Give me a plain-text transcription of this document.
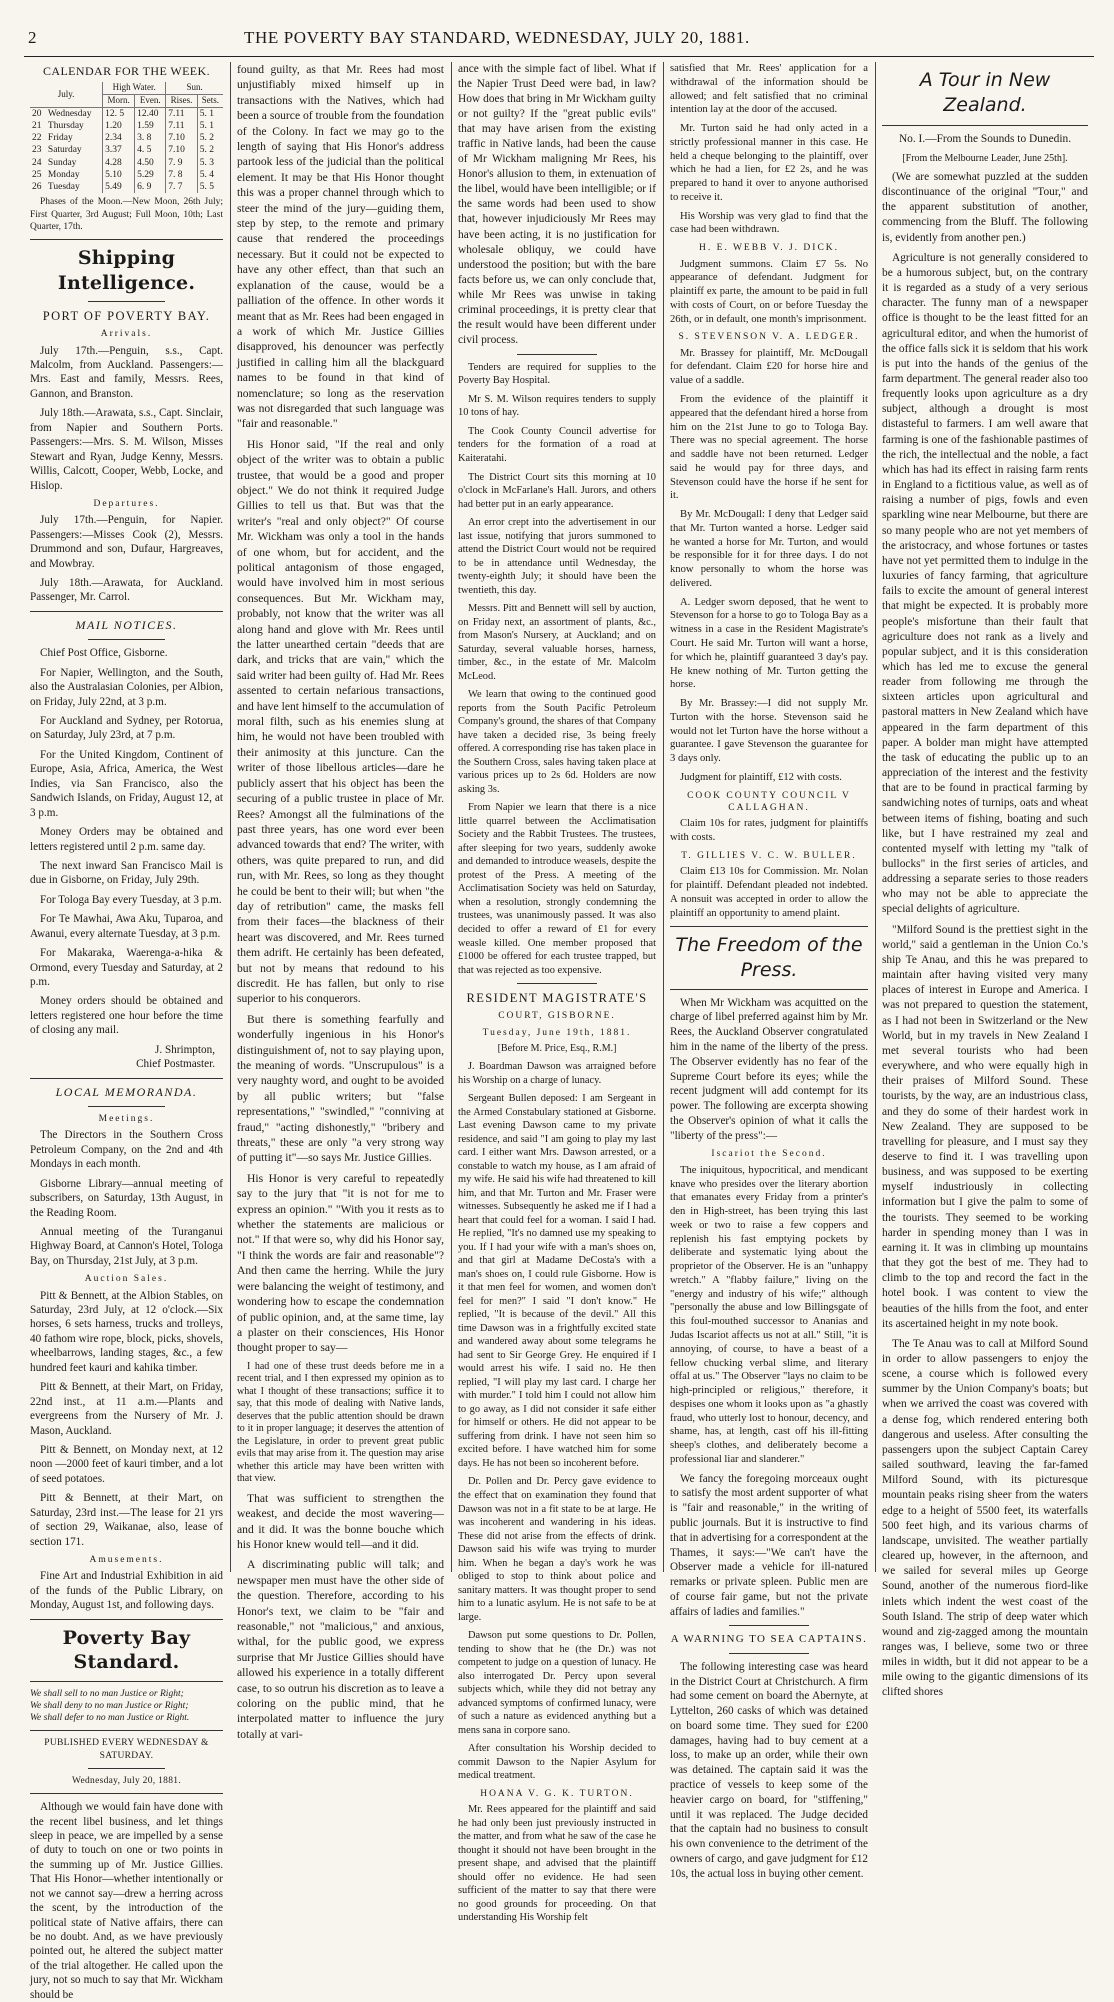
2	THE POVERTY BAY STANDARD, WEDNESDAY, JULY 20, 1881.
CALENDAR FOR THE WEEK.
July.		High Water.		Sun.	
		Morn.	Even.	Rises.	Sets.
20	Wednesday	12. 5	12.40	7.11	5. 1
21	Thursday	1.20	1.59	7.11	5. 1
22	Friday	2.34	3. 8	7.10	5. 2
23	Saturday	3.37	4. 5	7.10	5. 2
24	Sunday	4.28	4.50	7. 9	5. 3
25	Monday	5.10	5.29	7. 8	5. 4
26	Tuesday	5.49	6. 9	7. 7	5. 5

Phases of the Moon.—New Moon, 26th July; First Quarter, 3rd August; Full Moon, 10th; Last Quarter, 17th.

Shipping Intelligence.
PORT OF POVERTY BAY.
Arrivals.

July 17th.—Penguin, s.s., Capt. Malcolm, from Auckland. Passengers:—Mrs. East and family, Messrs. Rees, Gannon, and Branston.

July 18th.—Arawata, s.s., Capt. Sinclair, from Napier and Southern Ports. Passengers:—Mrs. S. M. Wilson, Misses Stewart and Ryan, Judge Kenny, Messrs. Willis, Calcott, Cooper, Webb, Locke, and Hislop.

Departures.

July 17th.—Penguin, for Napier. Passengers:—Misses Cook (2), Messrs. Drummond and son, Dufaur, Hargreaves, and Mowbray.

July 18th.—Arawata, for Auckland. Passenger, Mr. Carrol.

MAIL NOTICES.

Chief Post Office, Gisborne.

For Napier, Wellington, and the South, also the Australasian Colonies, per Albion, on Friday, July 22nd, at 3 p.m.

For Auckland and Sydney, per Rotorua, on Saturday, July 23rd, at 7 p.m.

For the United Kingdom, Continent of Europe, Asia, Africa, America, the West Indies, via San Francisco, also the Sandwich Islands, on Friday, August 12, at 3 p.m.

Money Orders may be obtained and letters registered until 2 p.m. same day.

The next inward San Francisco Mail is due in Gisborne, on Friday, July 29th.

For Tologa Bay every Tuesday, at 3 p.m.

For Te Mawhai, Awa Aku, Tuparoa, and Awanui, every alternate Tuesday, at 3 p.m.

For Makaraka, Waerenga-a-hika & Ormond, every Tuesday and Saturday, at 2 p.m.

Money orders should be obtained and letters registered one hour before the time of closing any mail.

J. Shrimpton,

Chief Postmaster.

LOCAL MEMORANDA.
Meetings.

The Directors in the Southern Cross Petroleum Company, on the 2nd and 4th Mondays in each month.

Gisborne Library—annual meeting of subscribers, on Saturday, 13th August, in the Reading Room.

Annual meeting of the Turanganui Highway Board, at Cannon's Hotel, Tologa Bay, on Thursday, 21st July, at 3 p.m.

Auction Sales.

Pitt & Bennett, at the Albion Stables, on Saturday, 23rd July, at 12 o'clock.—Six horses, 6 sets harness, trucks and trolleys, 40 fathom wire rope, block, picks, shovels, wheelbarrows, landing stages, &c., a few hundred feet kauri and kahika timber.

Pitt & Bennett, at their Mart, on Friday, 22nd inst., at 11 a.m.—Plants and evergreens from the Nursery of Mr. J. Mason, Auckland.

Pitt & Bennett, on Monday next, at 12 noon —2000 feet of kauri timber, and a lot of seed potatoes.

Pitt & Bennett, at their Mart, on Saturday, 23rd inst.—The lease for 21 yrs of section 29, Waikanae, also, lease of section 171.

Amusements.

Fine Art and Industrial Exhibition in aid of the funds of the Public Library, on Monday, August 1st, and following days.

Poverty Bay Standard.

We shall sell to no man Justice or Right;

We shall deny to no man Justice or Right;

We shall defer to no man Justice or Right.

PUBLISHED EVERY WEDNESDAY & SATURDAY.
Wednesday, July 20, 1881.

Although we would fain have done with the recent libel business, and let things sleep in peace, we are impelled by a sense of duty to touch on one or two points in the summing up of Mr. Justice Gillies. That His Honor—whether intentionally or not we cannot say—drew a herring across the scent, by the introduction of the political state of Native affairs, there can be no doubt. And, as we have previously pointed out, he altered the subject matter of the trial altogether. He called upon the jury, not so much to say that Mr. Wickham should be

found guilty, as that Mr. Rees had most unjustifiably mixed himself up in transactions with the Natives, which had been a source of trouble from the foundation of the Colony. In fact we may go to the length of saying that His Honor's address partook less of the judicial than the political element. It may be that His Honor thought this was a proper channel through which to steer the mind of the jury—guiding them, step by step, to the remote and primary cause that rendered the proceedings necessary. But it could not be expected to have any other effect, than that such an explanation of the cause, would be a palliation of the offence. In other words it meant that as Mr. Rees had been engaged in a work of which Mr. Justice Gillies disapproved, his denouncer was perfectly justified in calling him all the blackguard names to be found in that kind of nomenclature; so long as the reservation was not disregarded that such language was "fair and reasonable."

His Honor said, "If the real and only object of the writer was to obtain a public trustee, that would be a good and proper object." We do not think it required Judge Gillies to tell us that. But was that the writer's "real and only object?" Of course Mr. Wickham was only a tool in the hands of one whom, but for accident, and the political antagonism of those engaged, would have involved him in most serious consequences. But Mr. Wickham may, probably, not know that the writer was all along hand and glove with Mr. Rees until the latter unearthed certain "deeds that are dark, and tricks that are vain," which the said writer had been guilty of. Had Mr. Rees assented to certain nefarious transactions, and have lent himself to the accumulation of moral filth, such as his enemies slung at him, he would not have been troubled with their animosity at this juncture. Can the writer of those libellous articles—dare he publicly assert that his object has been the securing of a public trustee in place of Mr. Rees? Amongst all the fulminations of the past three years, has one word ever been advanced towards that end? The writer, with others, was quite prepared to run, and did run, with Mr. Rees, so long as they thought he could be bent to their will; but when "the day of retribution" came, the masks fell from their faces—the blackness of their heart was discovered, and Mr. Rees turned them adrift. He certainly has been defeated, but not by means that redound to his discredit. He has fallen, but only to rise superior to his conquerors.

But there is something fearfully and wonderfully ingenious in his Honor's distinguishment of, not to say playing upon, the meaning of words. "Unscrupulous" is a very naughty word, and ought to be avoided by all public writers; but "false representations," "swindled," "conniving at fraud," "acting dishonestly," "bribery and threats," these are only "a very strong way of putting it"—so says Mr. Justice Gillies.

His Honor is very careful to repeatedly say to the jury that "it is not for me to express an opinion." "With you it rests as to whether the statements are malicious or not." If that were so, why did his Honor say, "I think the words are fair and reasonable"? And then came the herring. While the jury were balancing the weight of testimony, and wondering how to escape the condemnation of public opinion, and, at the same time, lay a plaster on their consciences, His Honor thought proper to say—

I had one of these trust deeds before me in a recent trial, and I then expressed my opinion as to what I thought of these transactions; suffice it to say, that this mode of dealing with Native lands, deserves that the public attention should be drawn to it in proper language; it deserves the attention of the Legislature, in order to prevent great public evils that may arise from it. The question may arise whether this article may have been written with that view.

That was sufficient to strengthen the weakest, and decide the most wavering—and it did. It was the bonne bouche which his Honor knew would tell—and it did.

A discriminating public will talk; and newspaper men must have the other side of the question. Therefore, according to his Honor's text, we claim to be "fair and reasonable," not "malicious," and anxious, withal, for the public good, we express surprise that Mr Justice Gillies should have allowed his experience in a totally different case, to so outrun his discretion as to leave a coloring on the public mind, that he interpolated matter to influence the jury totally at vari-

ance with the simple fact of libel. What if the Napier Trust Deed were bad, in law? How does that bring in Mr Wickham guilty or not guilty? If the "great public evils" that may have arisen from the existing traffic in Native lands, had been the cause of Mr Wickham maligning Mr Rees, his Honor's allusion to them, in extenuation of the libel, would have been intelligible; or if the same words had been used to show that, however injudiciously Mr Rees may have been acting, it is no justification for wholesale obliquy, we could have understood the position; but with the bare facts before us, we can only conclude that, while Mr Rees was unwise in taking criminal proceedings, it is pretty clear that the result would have been different under civil process.

Tenders are required for supplies to the Poverty Bay Hospital.

Mr S. M. Wilson requires tenders to supply 10 tons of hay.

The Cook County Council advertise for tenders for the formation of a road at Kaiteratahi.

The District Court sits this morning at 10 o'clock in McFarlane's Hall. Jurors, and others had better put in an early appearance.

An error crept into the advertisement in our last issue, notifying that jurors summoned to attend the District Court would not be required to be in attendance until Wednesday, the twenty-eighth July; it should have been the twentieth, this day.

Messrs. Pitt and Bennett will sell by auction, on Friday next, an assortment of plants, &c., from Mason's Nursery, at Auckland; and on Saturday, several valuable horses, harness, timber, &c., in the estate of Mr. Malcolm McLeod.

We learn that owing to the continued good reports from the South Pacific Petroleum Company's ground, the shares of that Company have taken a decided rise, 3s being freely offered. A corresponding rise has taken place in the Southern Cross, sales having taken place at various prices up to 2s 6d. Holders are now asking 3s.

From Napier we learn that there is a nice little quarrel between the Acclimatisation Society and the Rabbit Trustees. The trustees, after sleeping for two years, suddenly awoke and demanded to introduce weasels, despite the protest of the Press. A meeting of the Acclimatisation Society was held on Saturday, when a resolution, strongly condemning the trustees, was unanimously passed. It was also decided to offer a reward of £1 for every weasle killed. One member proposed that £1000 be offered for each trustee trapped, but that was rejected as too expensive.

RESIDENT MAGISTRATE'S
COURT, GISBORNE.
Tuesday, June 19th, 1881.

[Before M. Price, Esq., R.M.]

J. Boardman Dawson was arraigned before his Worship on a charge of lunacy.

Sergeant Bullen deposed: I am Sergeant in the Armed Constabulary stationed at Gisborne. Last evening Dawson came to my private residence, and said "I am going to play my last card. I either want Mrs. Dawson arrested, or a constable to watch my house, as I am afraid of my wife. He said his wife had threatened to kill him, and that Mr. Turton and Mr. Fraser were witnesses. Subsequently he asked me if I had a heart that could feel for a woman. I said I had. He replied, "It's no damned use my speaking to you. If I had your wife with a man's shoes on, and that girl at Madame DeCosta's with a man's shoes on, I could rule Gisborne. How is it that men feel for women, and women don't feel for men?" I said "I don't know." He replied, "It is because of the devil." All this time Dawson was in a frightfully excited state and wandered away about some telegrams he had sent to Sir George Grey. He enquired if I would arrest his wife. I said no. He then replied, "I will play my last card. I charge her with murder." I told him I could not allow him to go away, as I did not consider it safe either for himself or others. He did not appear to be suffering from drink. I have not seen him so excited before. I have watched him for some days. He has not been so incoherent before.

Dr. Pollen and Dr. Percy gave evidence to the effect that on examination they found that Dawson was not in a fit state to be at large. He was incoherent and wandering in his ideas. These did not arise from the effects of drink. Dawson said his wife was trying to murder him. When he began a day's work he was obliged to stop to think about police and sanitary matters. It was thought proper to send him to a lunatic asylum. He is not safe to be at large.

Dawson put some questions to Dr. Pollen, tending to show that he (the Dr.) was not competent to judge on a question of lunacy. He also interrogated Dr. Percy upon several subjects which, while they did not betray any advanced symptoms of confirmed lunacy, were of such a nature as evidenced anything but a mens sana in corpore sano.

After consultation his Worship decided to commit Dawson to the Napier Asylum for medical treatment.

HOANA V. G. K. TURTON.

Mr. Rees appeared for the plaintiff and said he had only been just previously instructed in the matter, and from what he saw of the case he thought it should not have been brought in the present shape, and advised that the plaintiff should offer no evidence. He had seen sufficient of the matter to say that there were no good grounds for proceeding. On that understanding His Worship felt

satisfied that Mr. Rees' application for a withdrawal of the information should be allowed; and felt satisfied that no criminal intention lay at the door of the accused.

Mr. Turton said he had only acted in a strictly professional manner in this case. He held a cheque belonging to the plaintiff, over which he had a lien, for £2 2s, and he was prepared to hand it over to anyone authorised to receive it.

His Worship was very glad to find that the case had been withdrawn.

H. E. WEBB V. J. DICK.

Judgment summons. Claim £7 5s. No appearance of defendant. Judgment for plaintiff ex parte, the amount to be paid in full with costs of Court, on or before Tuesday the 26th, or in default, one month's imprisonment.

S. STEVENSON V. A. LEDGER.

Mr. Brassey for plaintiff, Mr. McDougall for defendant. Claim £20 for horse hire and value of a saddle.

From the evidence of the plaintiff it appeared that the defendant hired a horse from him on the 21st June to go to Tologa Bay. There was no special agreement. The horse and saddle have not been returned. Ledger said he would pay for three days, and Stevenson could have the horse if he sent for it.

By Mr. McDougall: I deny that Ledger said that Mr. Turton wanted a horse. Ledger said he wanted a horse for Mr. Turton, and would be responsible for it for three days. I do not know personally to whom the horse was delivered.

A. Ledger sworn deposed, that he went to Stevenson for a horse to go to Tologa Bay as a witness in a case in the Resident Magistrate's Court. He said Mr. Turton will want a horse, for which he, plaintiff guaranteed 3 day's pay. He knew nothing of Mr. Turton getting the horse.

By Mr. Brassey:—I did not supply Mr. Turton with the horse. Stevenson said he would not let Turton have the horse without a guarantee. I gave Stevenson the guarantee for 3 days only.

Judgment for plaintiff, £12 with costs.

COOK COUNTY COUNCIL V CALLAGHAN.

Claim 10s for rates, judgment for plaintiffs with costs.

T. GILLIES V. C. W. BULLER.

Claim £13 10s for Commission. Mr. Nolan for plaintiff. Defendant pleaded not indebted. A nonsuit was accepted in order to allow the plaintiff an opportunity to amend plaint.

The Freedom of the Press.

When Mr Wickham was acquitted on the charge of libel preferred against him by Mr. Rees, the Auckland Observer congratulated him in the name of the liberty of the press. The Observer evidently has no fear of the Supreme Court before its eyes; while the recent judgment will add contempt for its power. The following are excerpta showing the Observer's opinion of what it calls the "liberty of the press":—

Iscariot the Second.

The iniquitous, hypocritical, and mendicant knave who presides over the literary abortion that emanates every Friday from a printer's den in High-street, has been trying this last week or two to raise a few coppers and replenish his fast emptying pockets by deliberate and systematic lying about the proprietor of the Observer. He is an "unhappy wretch." A "flabby failure," living on the "energy and industry of his wife;" although "personally the abuse and low Billingsgate of this foul-mouthed successor to Ananias and Judas Iscariot affects us not at all." Still, "it is annoying, of course, to have a beast of a fellow chucking verbal slime, and literary offal at us." The Observer "lays no claim to be high-principled or religious," therefore, it despises one whom it looks upon as "a ghastly fraud, who utterly lost to honour, decency, and shame, has, at length, cast off his ill-fitting sheep's clothes, and deliberately become a professional liar and slanderer."

We fancy the foregoing morceaux ought to satisfy the most ardent supporter of what is "fair and reasonable," in the writing of public journals. But it is instructive to find that in advertising for a correspondent at the Thames, it says:—"We can't have the Observer made a vehicle for ill-natured remarks or private spleen. Public men are of course fair game, but not the private affairs of ladies and families."

A WARNING TO SEA CAPTAINS.

The following interesting case was heard in the District Court at Christchurch. A firm had some cement on board the Abernyte, at Lyttelton, 260 casks of which was detained on board some time. They sued for £200 damages, having had to buy cement at a loss, to make up an order, while their own was detained. The captain said it was the practice of vessels to keep some of the heavier cargo on board, for "stiffening," until it was replaced. The Judge decided that the captain had no business to consult his own convenience to the detriment of the owners of cargo, and gave judgment for £12 10s, the actual loss in buying other cement.

A Tour in New Zealand.

No. I.—From the Sounds to Dunedin.

[From the Melbourne Leader, June 25th].

(We are somewhat puzzled at the sudden discontinuance of the original "Tour," and the apparent substitution of another, commencing from the Bluff. The following is, evidently from another pen.)

Agriculture is not generally considered to be a humorous subject, but, on the contrary it is regarded as a study of a very serious character. The funny man of a newspaper office is thought to be the least fitted for an agricultural editor, and when the humorist of the office falls sick it is seldom that his work is put into the hands of the genius of the farm department. The general reader also too frequently looks upon agriculture as a dry subject, although a drought is most distasteful to farmers. I am well aware that farming is one of the fashionable pastimes of the rich, the intellectual and the noble, a fact which has had its effect in raising farm rents in England to a fictitious value, as well as of raising a number of pigs, fowls and even sparkling wine near Melbourne, but there are so many people who are not yet members of the aristocracy, and whose fortunes or tastes have not yet permitted them to indulge in the luxuries of fancy farming, that agriculture fails to excite the amount of general interest that might be expected. It is probably more people's misfortune than their fault that agriculture does not rank as a lively and popular subject, and it is this consideration which has led me to excuse the general reader from following me through the sixteen articles upon agricultural and pastoral matters in New Zealand which have appeared in the farm department of this paper. A bolder man might have attempted the task of educating the public up to an appreciation of the interest and the festivity that are to be found in practical farming by sandwiching notes of turnips, oats and wheat between items of fishing, boating and such like, but I have restrained my zeal and contented myself with letting my "talk of bullocks" in the first series of articles, and addressing a separate series to those readers who may not be able to appreciate the special delights of agriculture.

"Milford Sound is the prettiest sight in the world," said a gentleman in the Union Co.'s ship Te Anau, and this he was prepared to maintain after having visited very many places of interest in Europe and America. I was not prepared to question the statement, as I had not been in Switzerland or the New World, but in my travels in New Zealand I met several tourists who had been everywhere, and who were equally high in their praises of Milford Sound. These tourists, by the way, are an industrious class, and they do some of their hardest work in New Zealand. They are supposed to be travelling for pleasure, and I must say they deserve to find it. I was travelling upon business, and was supposed to be exerting myself industriously in collecting information but I give the palm to some of the tourists. They seemed to be working harder in spending money than I was in earning it. It was in climbing up mountains that they got the best of me. They had to climb to the top and record the fact in the hotel book. I was content to view the beauties of the hills from the foot, and enter its ascertained height in my note book.

The Te Anau was to call at Milford Sound in order to allow passengers to enjoy the scene, a course which is followed every summer by the Union Company's boats; but when we arrived the coast was covered with a dense fog, which rendered entering both dangerous and useless. After consulting the passengers upon the subject Captain Carey sailed southward, leaving the far-famed Milford Sound, with its picturesque mountain peaks rising sheer from the waters edge to a height of 5500 feet, its waterfalls 500 feet high, and its various charms of landscape, unvisited. The weather partially cleared up, however, in the afternoon, and we sailed for several miles up George Sound, another of the numerous fiord-like inlets which indent the west coast of the South Island. The strip of deep water which wound and zig-zagged among the mountain ranges was, I believe, some two or three miles in width, but it did not appear to be a mile owing to the gigantic dimensions of its clifted shores
